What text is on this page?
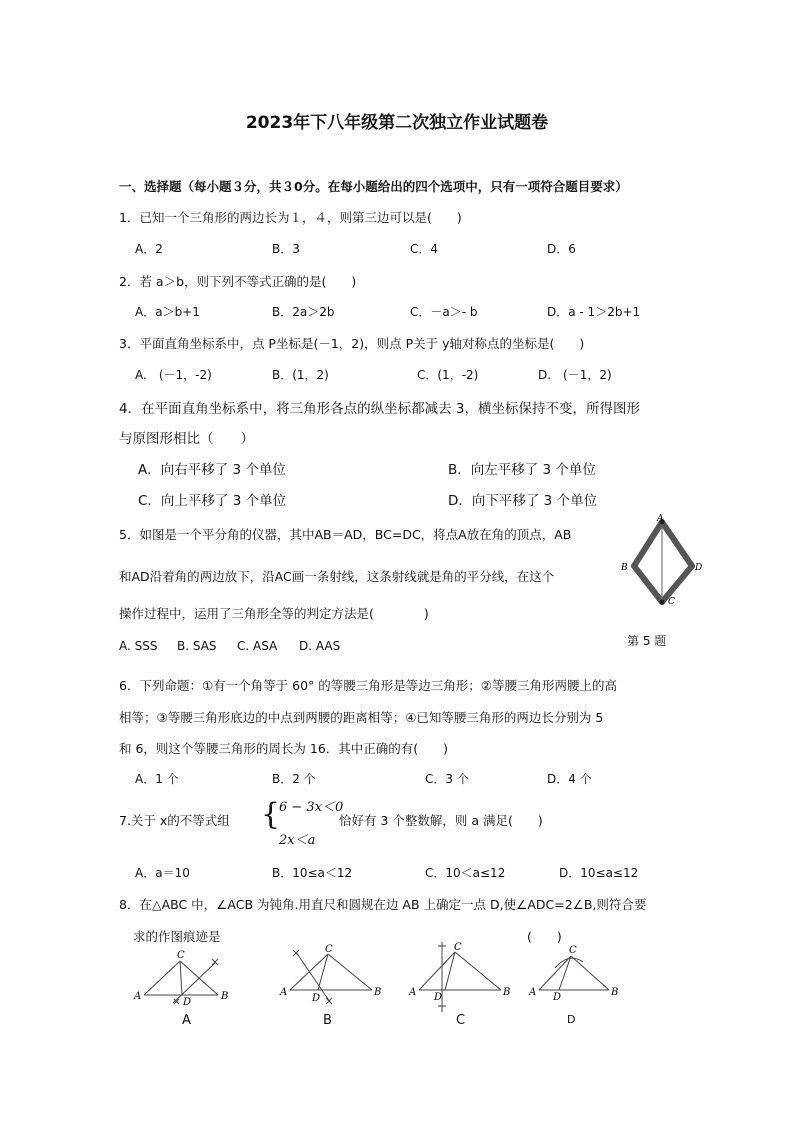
2023年下八年级第二次独立作业试题卷
一、选择题（每小题３分，共３0分。在每小题给出的四个选项中，只有一项符合题目要求）
1．已知一个三角形的两边长为１，４，则第三边可以是(　　)
A．2	B．3	C．4	D．6
2．若 a＞b，则下列不等式正确的是(　　)
A．a＞b+1	B．2a＞2b	C．－a＞- b	D．a - 1＞2b+1
3．平面直角坐标系中，点 P坐标是(－1，2)，则点 P关于 y轴对称点的坐标是(　　)
A.　(－1，-2)	B．(1，2)	C．(1，-2)	D.　(－1，2)
4．在平面直角坐标系中，将三角形各点的纵坐标都减去 3，横坐标保持不变，所得图形
与原图形相比（　　）
A．向右平移了 3 个单位	B．向左平移了 3 个单位
C．向上平移了 3 个单位	D．向下平移了 3 个单位
5．如图是一个平分角的仪器，其中AB＝AD，BC=DC，将点A放在角的顶点，AB
和AD沿着角的两边放下，沿AC画一条射线，这条射线就是角的平分线，在这个
操作过程中，运用了三角形全等的判定方法是(　　　　)
A. SSS B. SAS C. ASA D. AAS
A
B	D
C
第 5 题
6．下列命题：①有一个角等于 60° 的等腰三角形是等边三角形；②等腰三角形两腰上的高
相等；③等腰三角形底边的中点到两腰的距离相等；④已知等腰三角形的两边长分别为 5
和 6，则这个等腰三角形的周长为 16．其中正确的有(　　)
A．1 个	B．2 个	C．3 个	D．4 个
7.关于 x的不等式组 {
6 − 3x＜0
2x＜a
恰好有 3 个整数解，则 a 满足(　　)
A．a＝10	B．10≤a＜12	C．10＜a≤12	D．10≤a≤12
8．在△ABC 中，∠ACB 为钝角.用直尺和圆规在边 AB 上确定一点 D,使∠ADC=2∠B,则符合要
求的作图痕迹是	(　　)
A
C
D
B
A
A
C
D
B
B
A
C
D	B
C
A
C
D	B
D
